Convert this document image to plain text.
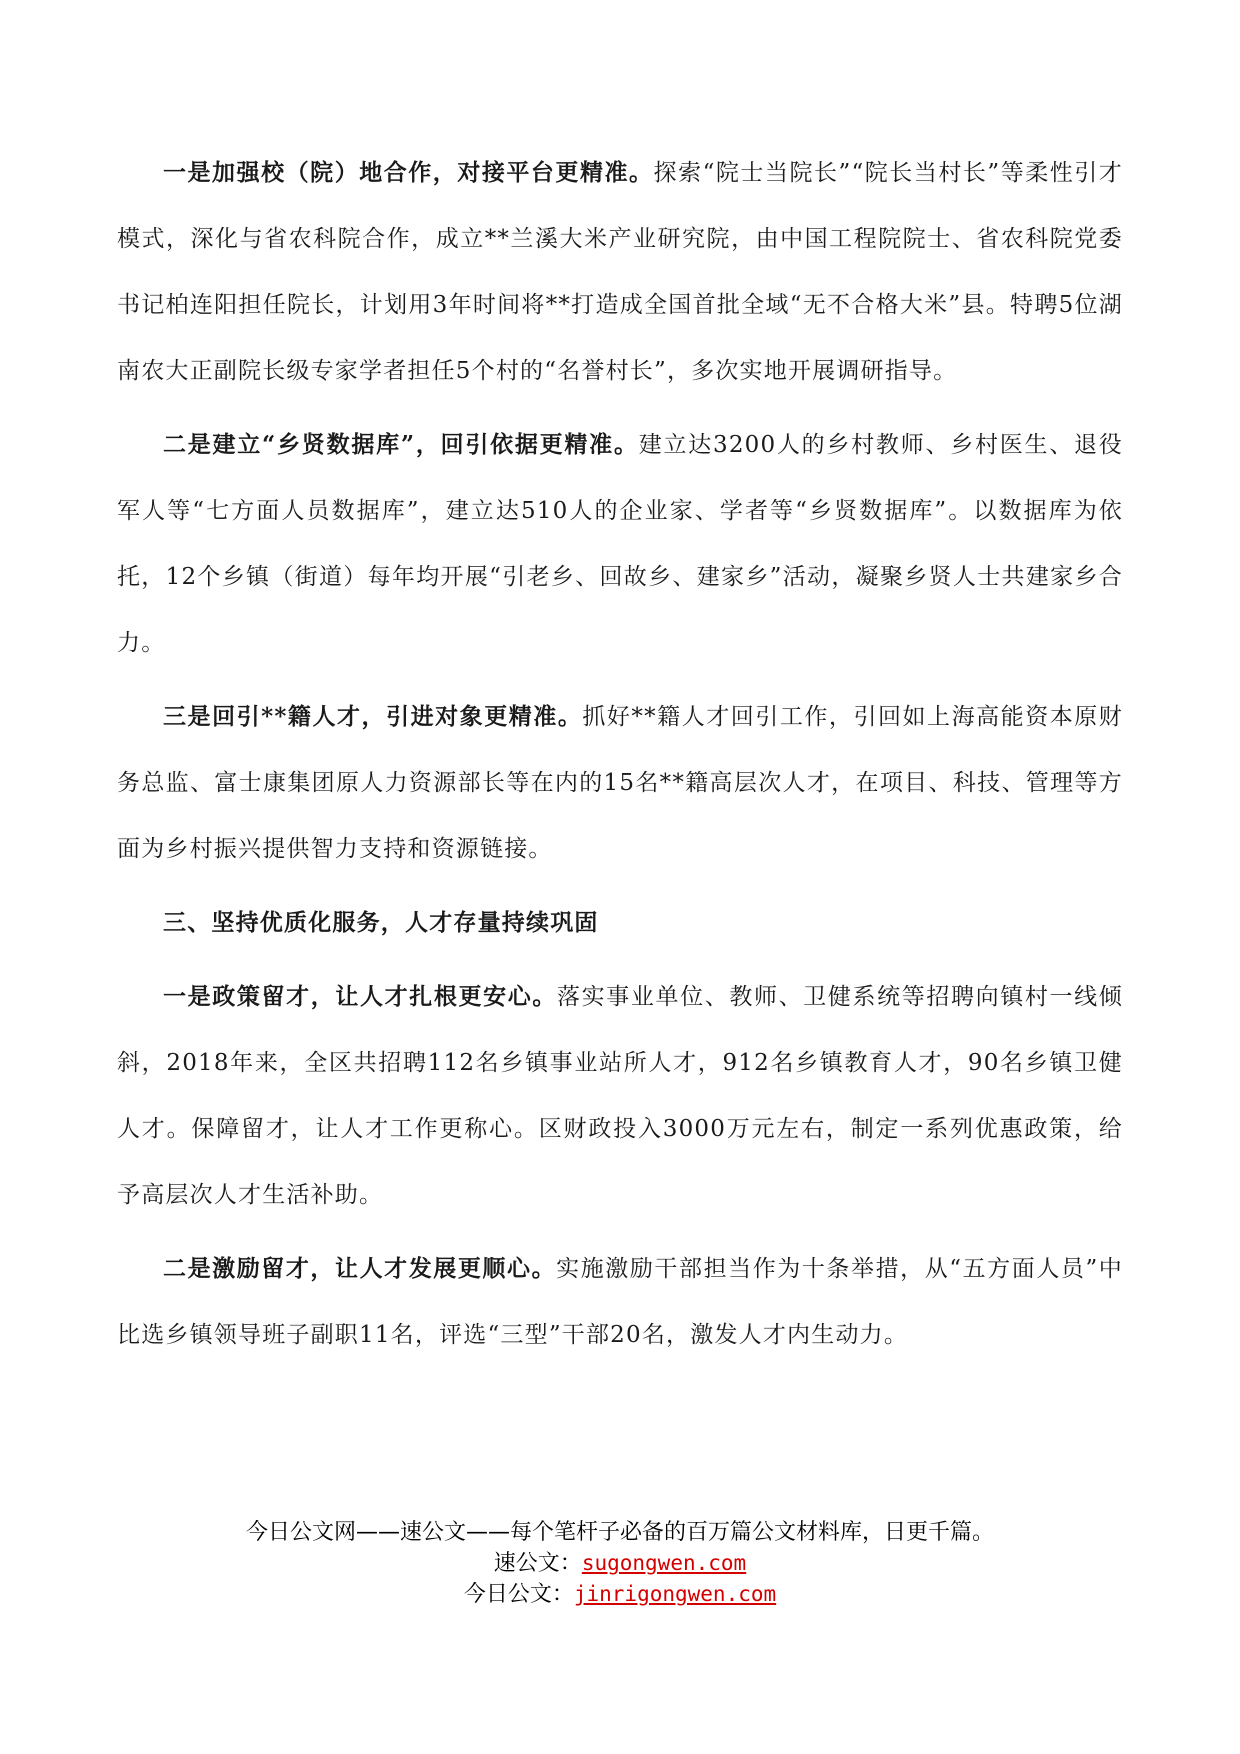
一是加强校（院）地合作，对接平台更精准。探索“院士当院长”“院长当村长”等柔性引才模式，深化与省农科院合作，成立**兰溪大米产业研究院，由中国工程院院士、省农科院党委书记柏连阳担任院长，计划用3年时间将**打造成全国首批全域“无不合格大米”县。特聘5位湖南农大正副院长级专家学者担任5个村的“名誉村长”，多次实地开展调研指导。

二是建立“乡贤数据库”，回引依据更精准。建立达3200人的乡村教师、乡村医生、退役军人等“七方面人员数据库”，建立达510人的企业家、学者等“乡贤数据库”。以数据库为依托，12个乡镇（街道）每年均开展“引老乡、回故乡、建家乡”活动，凝聚乡贤人士共建家乡合力。

三是回引**籍人才，引进对象更精准。抓好**籍人才回引工作，引回如上海高能资本原财务总监、富士康集团原人力资源部长等在内的15名**籍高层次人才，在项目、科技、管理等方面为乡村振兴提供智力支持和资源链接。

三、坚持优质化服务，人才存量持续巩固

一是政策留才，让人才扎根更安心。落实事业单位、教师、卫健系统等招聘向镇村一线倾斜，2018年来，全区共招聘112名乡镇事业站所人才，912名乡镇教育人才，90名乡镇卫健人才。保障留才，让人才工作更称心。区财政投入3000万元左右，制定一系列优惠政策，给予高层次人才生活补助。

二是激励留才，让人才发展更顺心。实施激励干部担当作为十条举措，从“五方面人员”中比选乡镇领导班子副职11名，评选“三型”干部20名，激发人才内生动力。

今日公文网——速公文——每个笔杆子必备的百万篇公文材料库，日更千篇。
速公文：sugongwen.com
今日公文：jinrigongwen.com
